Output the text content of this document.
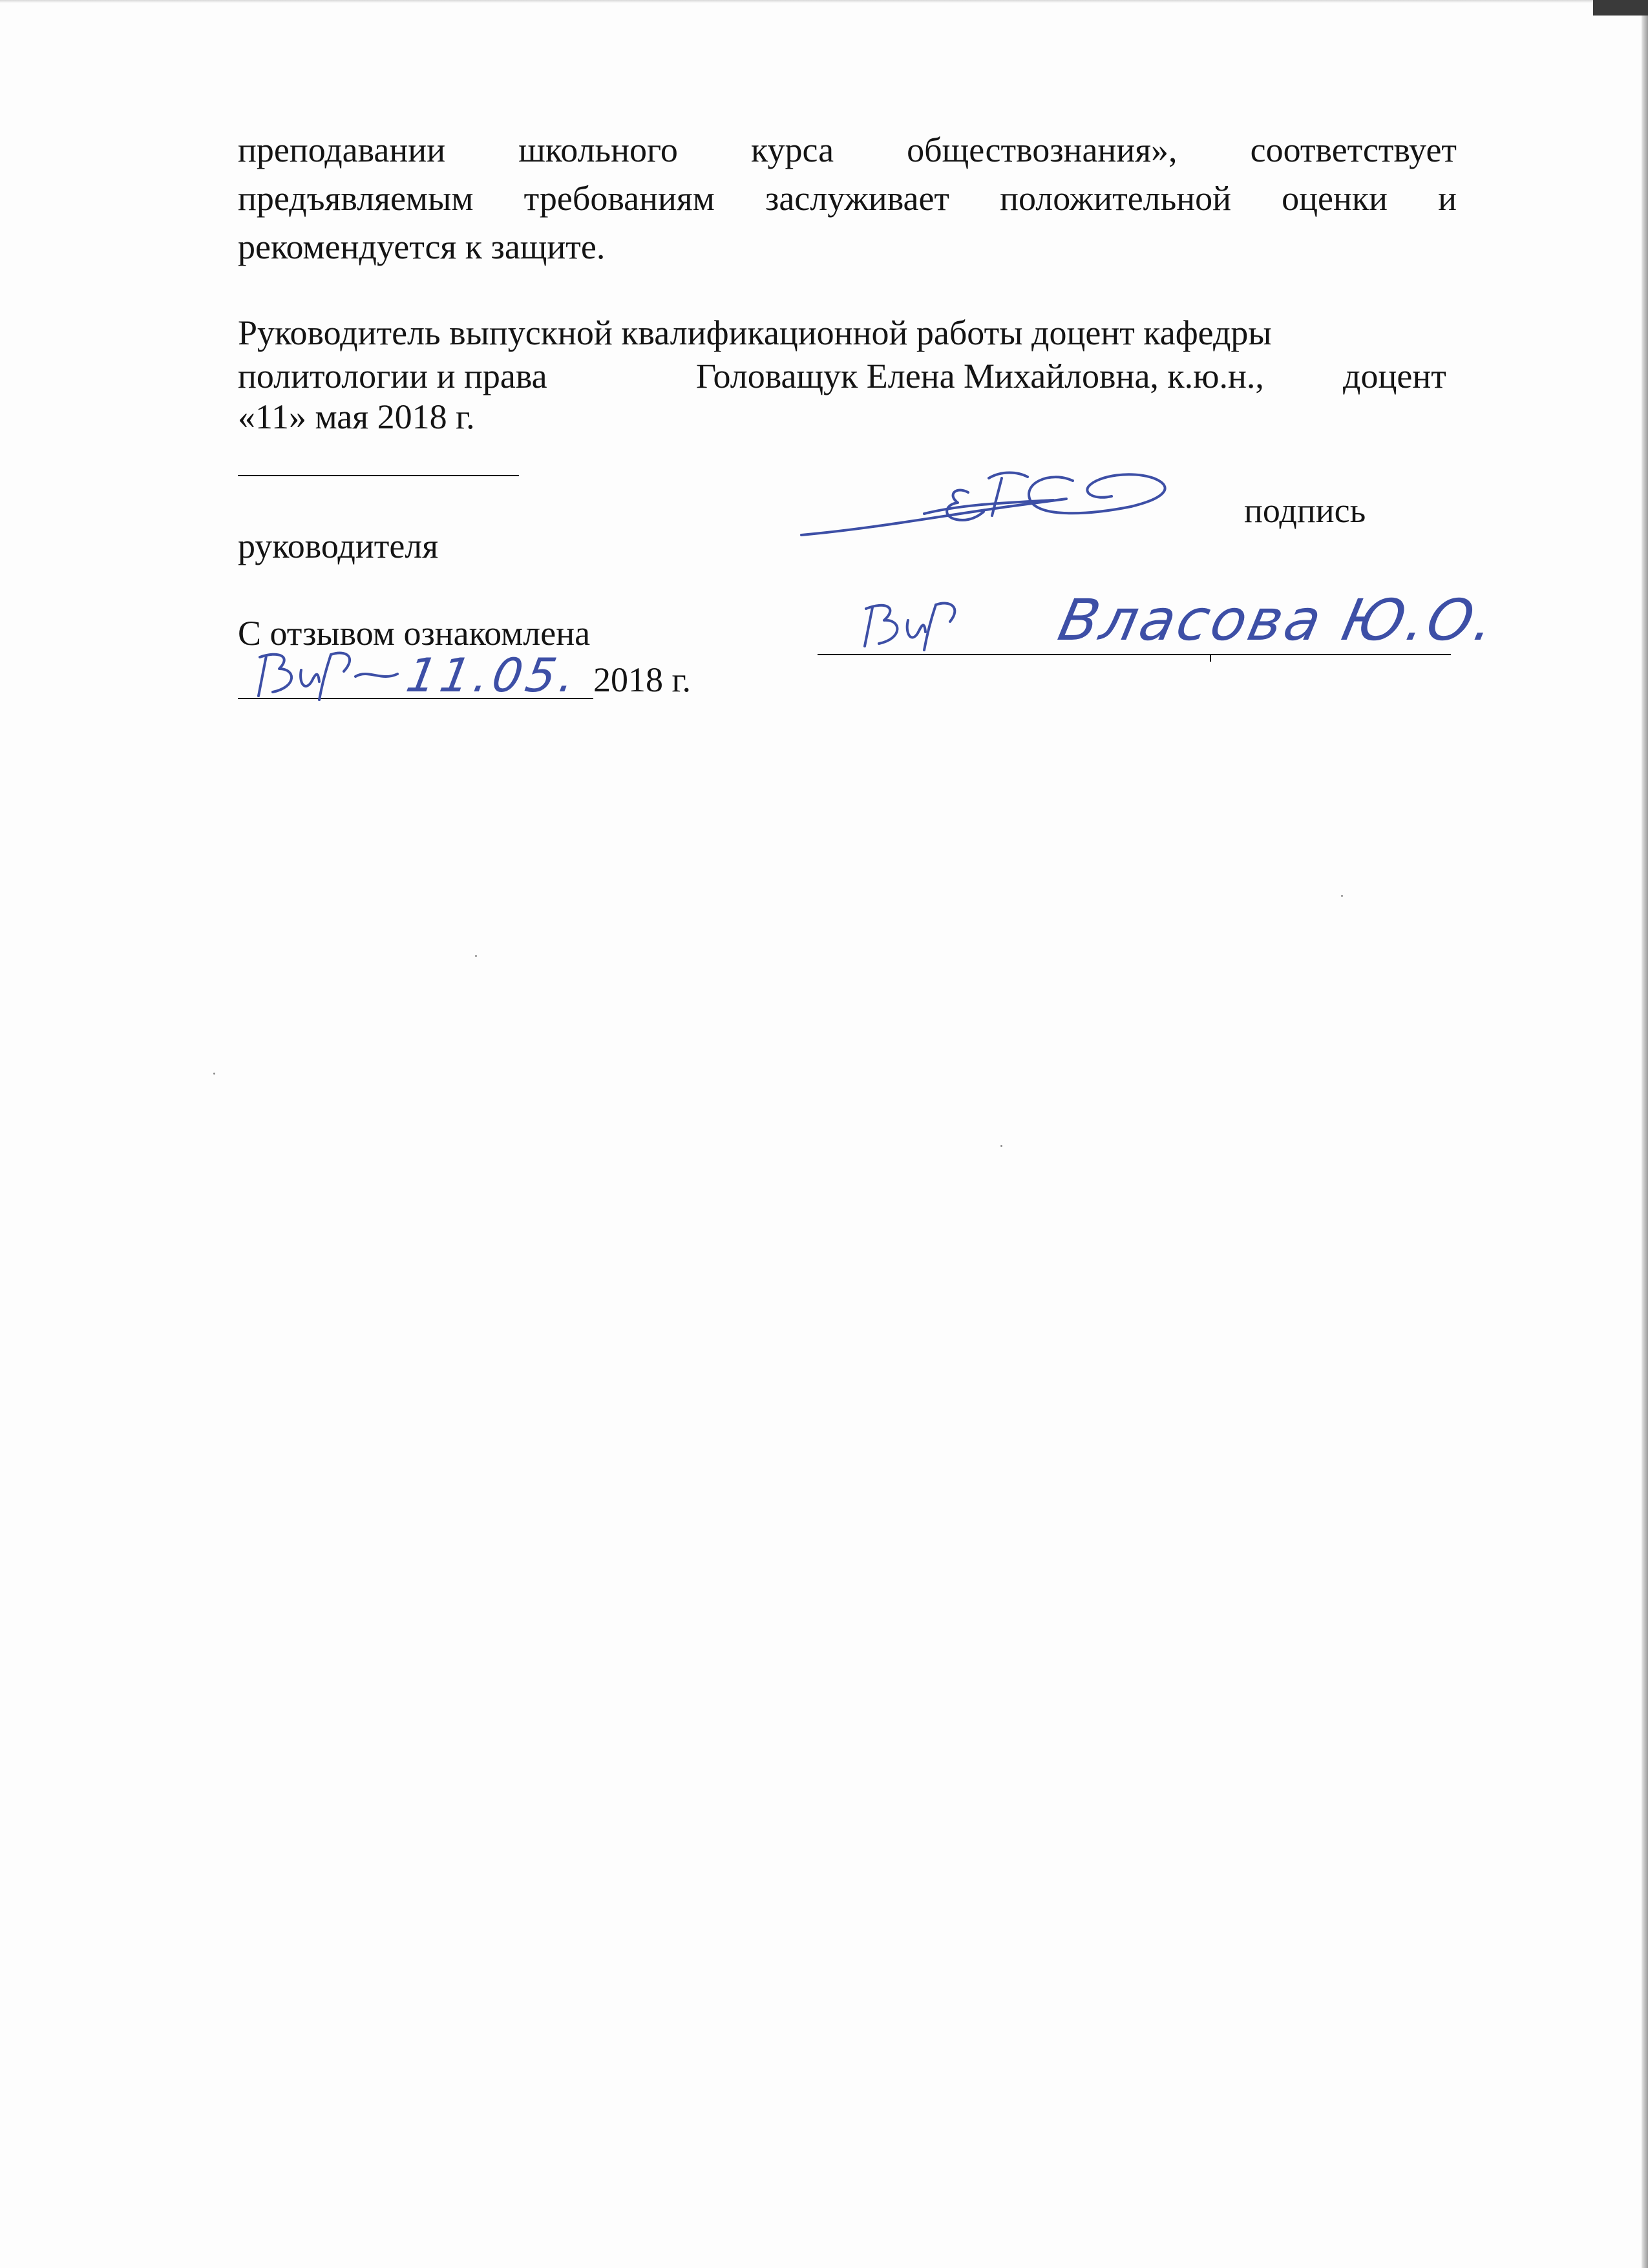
преподавании школьного курса обществознания», соответствует
предъявляемым требованиям заслуживает положительной оценки и
рекомендуется к защите.
Руководитель выпускной квалификационной работы доцент кафедры
политологии и права	Головащук Елена Михайловна, к.ю.н., доцент
«11» мая 2018 г.
подпись
руководителя
С отзывом ознакомлена	Власова Ю.О.
11.05. 2018 г.
